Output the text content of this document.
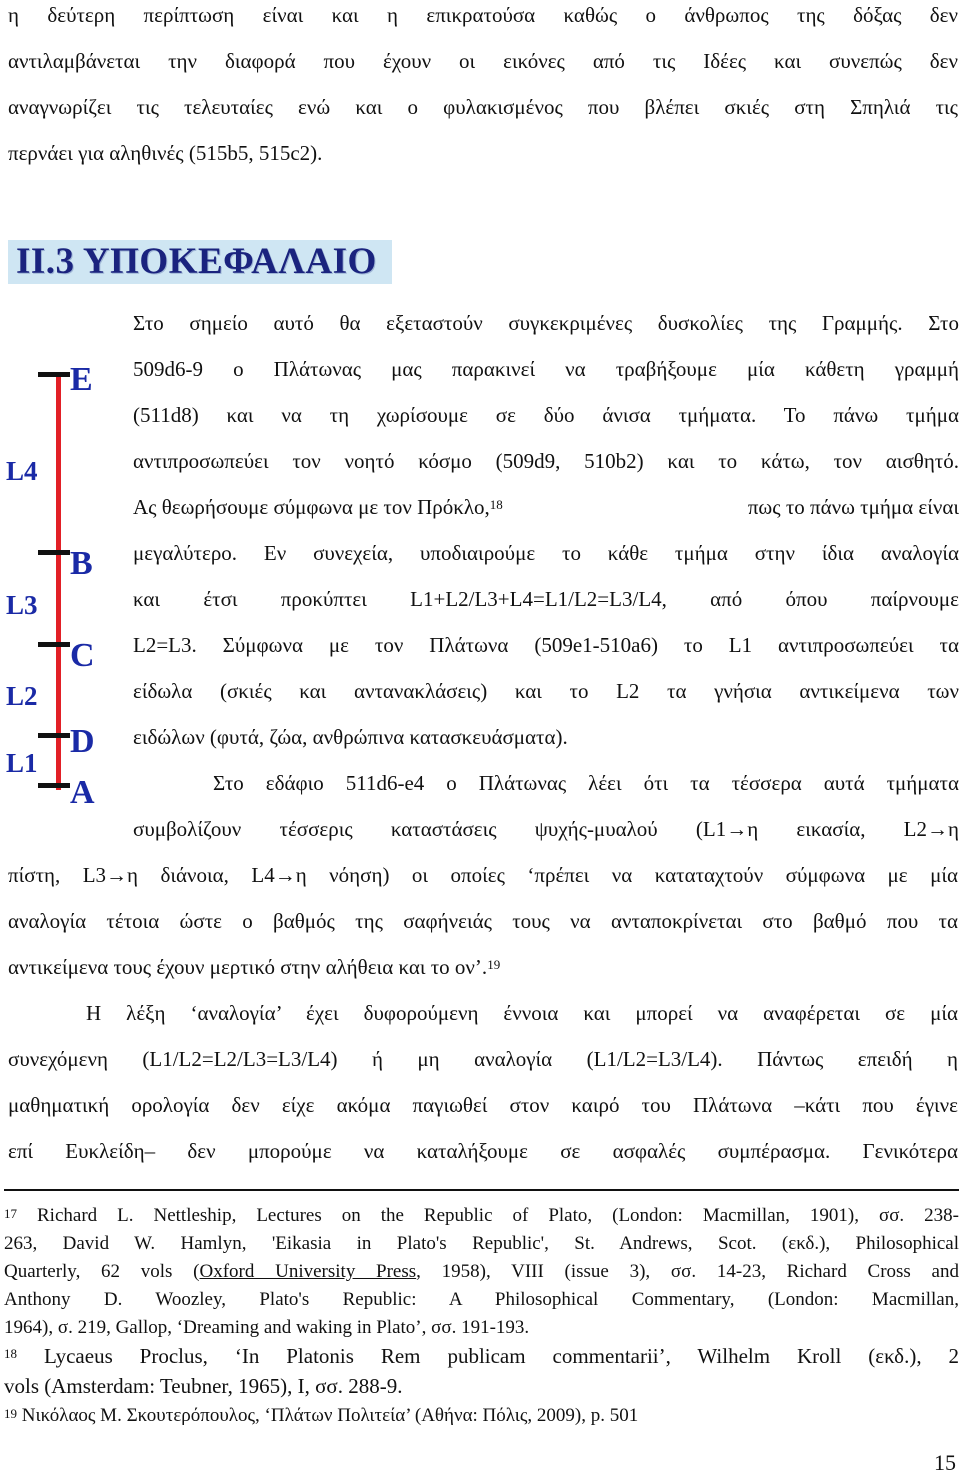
η δεύτερη περίπτωση είναι και η επικρατούσα καθώς ο άνθρωπος της δόξας δεν
αντιλαμβάνεται την διαφορά που έχουν οι εικόνες από τις Ιδέες και συνεπώς δεν
αναγνωρίζει τις τελευταίες ενώ και ο φυλακισμένος που βλέπει σκιές στη Σπηλιά τις
περνάει για αληθινές (515b5, 515c2).
ΙΙ.3 ΥΠΟΚΕΦΑΛΑΙΟ
E
B
C
D
A
L4
L3
L2
L1
Στο σημείο αυτό θα εξεταστούν συγκεκριμένες δυσκολίες της Γραμμής. Στο
509d6-9 ο Πλάτωνας μας παρακινεί να τραβήξουμε μία κάθετη γραμμή
(511d8) και να τη χωρίσουμε σε δύο άνισα τμήματα. Το πάνω τμήμα
αντιπροσωπεύει τον νοητό κόσμο (509d9, 510b2) και το κάτω, τον αισθητό.
Ας θεωρήσουμε σύμφωνα με τον Πρόκλο,$^{18}$	πως το πάνω τμήμα είναι
μεγαλύτερο. Εν συνεχεία, υποδιαιρούμε το κάθε τμήμα στην ίδια αναλογία
και έτσι προκύπτει L1+L2/L3+L4=L1/L2=L3/L4, από όπου παίρνουμε
L2=L3. Σύμφωνα με τον Πλάτωνα (509e1-510a6) το L1 αντιπροσωπεύει τα
είδωλα (σκιές και αντανακλάσεις) και το L2 τα γνήσια αντικείμενα των
ειδώλων (φυτά, ζώα, ανθρώπινα κατασκευάσματα).
Στο εδάφιο 511d6-e4 ο Πλάτωνας λέει ότι τα τέσσερα αυτά τμήματα
συμβολίζουν τέσσερις καταστάσεις ψυχής-μυαλού (L1→η εικασία, L2→η
πίστη, L3→η διάνοια, L4→η νόηση) οι οποίες ‘πρέπει να καταταχτούν σύμφωνα με μία
αναλογία τέτοια ώστε ο βαθμός της σαφήνειάς τους να ανταποκρίνεται στο βαθμό που τα
αντικείμενα τους έχουν μερτικό στην αλήθεια και το ον’.$^{19}$
Η λέξη ‘αναλογία’ έχει δυφορούμενη έννοια και μπορεί να αναφέρεται σε μία
συνεχόμενη (L1/L2=L2/L3=L3/L4) ή μη αναλογία (L1/L2=L3/L4). Πάντως επειδή η
μαθηματική ορολογία δεν είχε ακόμα παγιωθεί στον καιρό του Πλάτωνα –κάτι που έγινε
επί Ευκλείδη– δεν μπορούμε να καταλήξουμε σε ασφαλές συμπέρασμα. Γενικότερα
$^{17}$ Richard L. Nettleship, Lectures on the Republic of Plato, (London: Macmillan, 1901), σσ. 238-
263, David W. Hamlyn, 'Eikasia in Plato's Republic', St. Andrews, Scot. (εκδ.), Philosophical
Quarterly, 62 vols (Oxford University Press, 1958), VIII (issue 3), σσ. 14-23, Richard Cross and
Anthony D. Woozley, Plato's Republic: A Philosophical Commentary, (London: Macmillan,
1964), σ. 219, Gallop, ‘Dreaming and waking in Plato’, σσ. 191-193.
$^{18}$ Lycaeus Proclus, ‘In Platonis Rem publicam commentarii’, Wilhelm Kroll (εκδ.), 2
vols (Amsterdam: Teubner, 1965), I, σσ. 288-9.
$^{19}$ Νικόλαος Μ. Σκουτερόπουλος, ‘Πλάτων Πολιτεία’ (Αθήνα: Πόλις, 2009), p. 501
15
